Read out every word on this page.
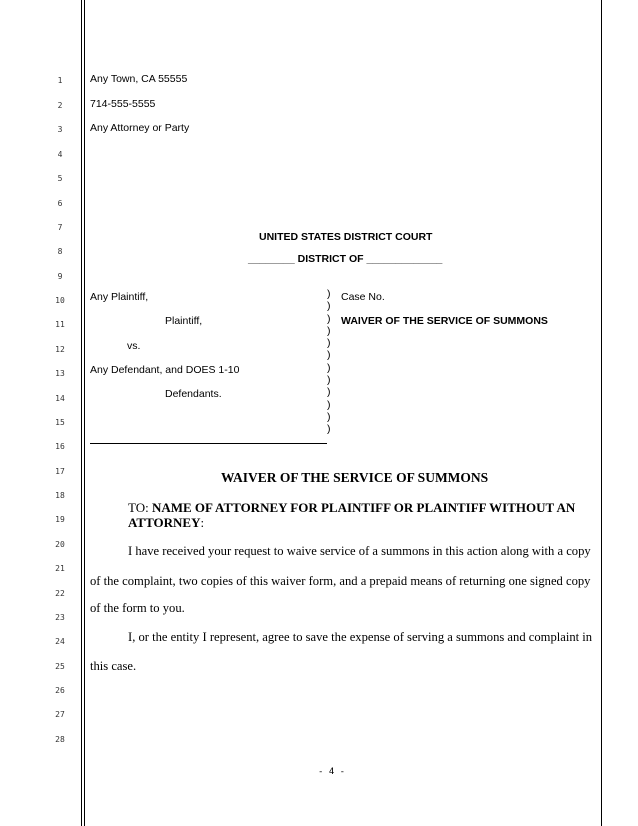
1
2
3
4
5
6
7
8
9
10
11
12
13
14
15
16
17
18
19
20
21
22
23
24
25
26
27
28
Any Town, CA 55555
714-555-5555
Any Attorney or Party
UNITED STATES DISTRICT COURT
________ DISTRICT OF _____________
Any Plaintiff,
Plaintiff,
vs.
Any Defendant, and DOES 1-10
Defendants.
)
)
)
)
)
)
)
)
)
)
)
)
Case No.
WAIVER OF THE SERVICE OF SUMMONS
WAIVER OF THE SERVICE OF SUMMONS
TO: NAME OF ATTORNEY FOR PLAINTIFF OR PLAINTIFF WITHOUT AN
ATTORNEY:
I have received your request to waive service of a summons in this action along with a copy
of the complaint, two copies of this waiver form, and a prepaid means of returning one signed copy
of the form to you.
I, or the entity I represent, agree to save the expense of serving a summons and complaint in
this case.
- 4 -
